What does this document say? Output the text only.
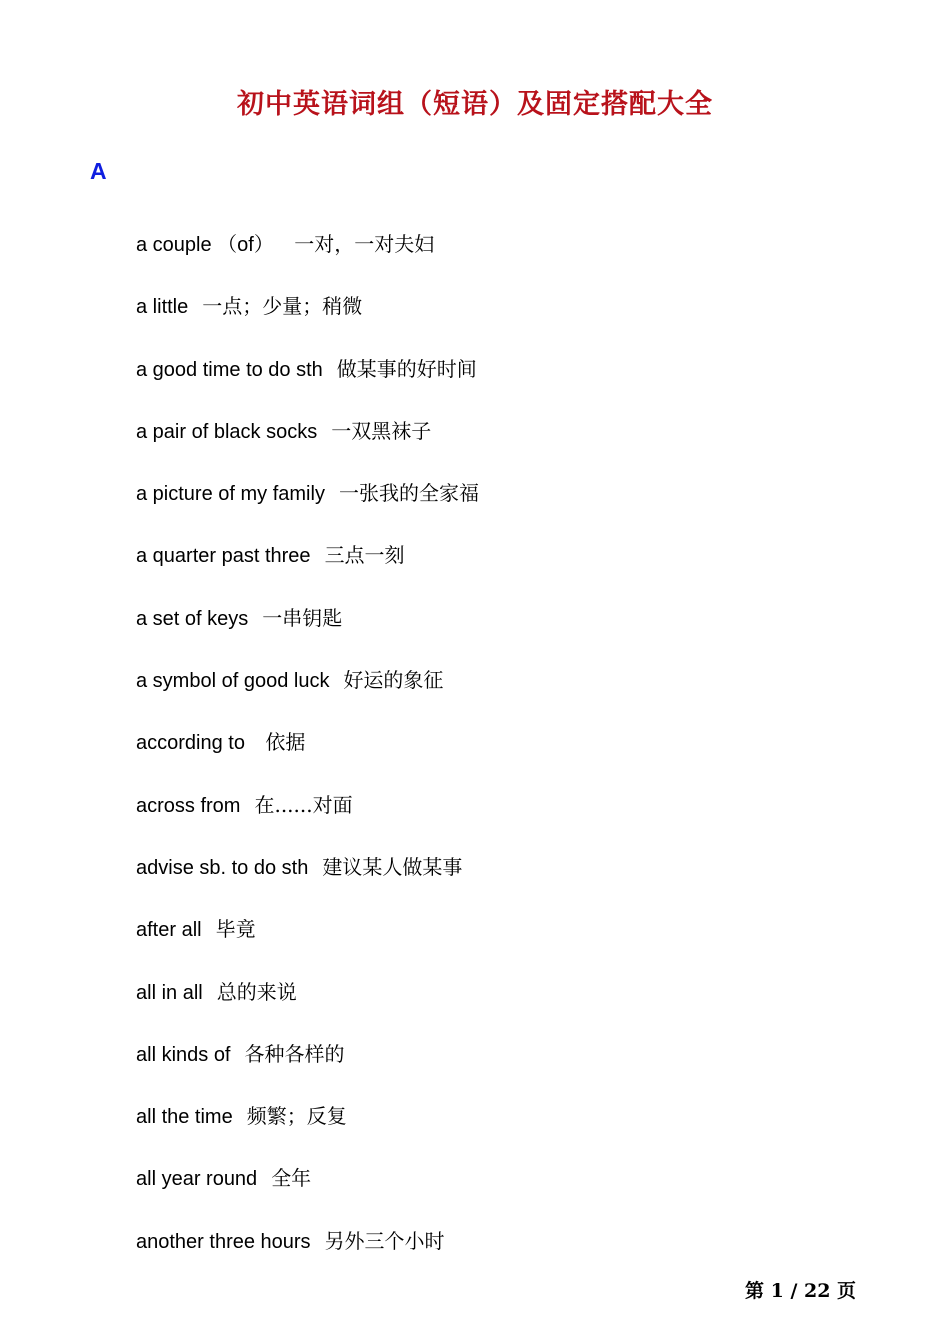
初中英语词组（短语）及固定搭配大全
A
a couple （of） 一对，一对夫妇
a little 一点；少量；稍微
a good time to do sth 做某事的好时间
a pair of black socks 一双黑袜子
a picture of my family 一张我的全家福
a quarter past three 三点一刻
a set of keys 一串钥匙
a symbol of good luck 好运的象征
according to 依据
across from 在......对面
advise sb. to do sth 建议某人做某事
after all 毕竟
all in all 总的来说
all kinds of 各种各样的
all the time 频繁；反复
all year round 全年
another three hours 另外三个小时
第 1 / 22 页
